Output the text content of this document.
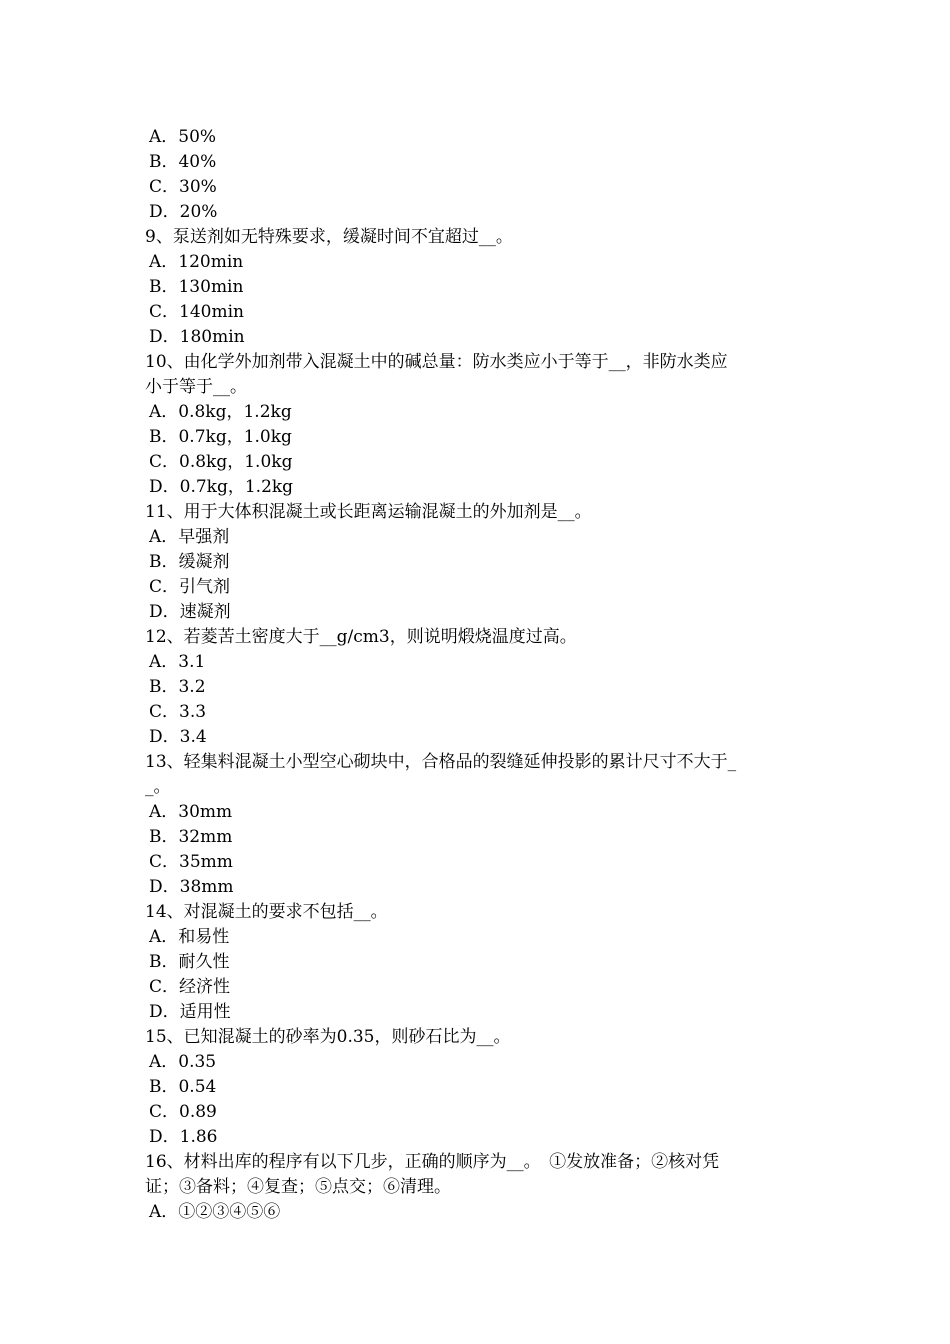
A．50%
B．40%
C．30%
D．20%
9、泵送剂如无特殊要求，缓凝时间不宜超过__。
A．120min
B．130min
C．140min
D．180min
10、由化学外加剂带入混凝土中的碱总量：防水类应小于等于__，非防水类应
小于等于__。
A．0.8kg，1.2kg
B．0.7kg，1.0kg
C．0.8kg，1.0kg
D．0.7kg，1.2kg
11、用于大体积混凝土或长距离运输混凝土的外加剂是__。
A．早强剂
B．缓凝剂
C．引气剂
D．速凝剂
12、若菱苦土密度大于__g/cm3，则说明煅烧温度过高。
A．3.1
B．3.2
C．3.3
D．3.4
13、轻集料混凝土小型空心砌块中，合格品的裂缝延伸投影的累计尺寸不大于_
_。
A．30mm
B．32mm
C．35mm
D．38mm
14、对混凝土的要求不包括__。
A．和易性
B．耐久性
C．经济性
D．适用性
15、已知混凝土的砂率为0.35，则砂石比为__。
A．0.35
B．0.54
C．0.89
D．1.86
16、材料出库的程序有以下几步，正确的顺序为__。　①发放准备；②核对凭
证；③备料；④复查；⑤点交；⑥清理。
A．①②③④⑤⑥
